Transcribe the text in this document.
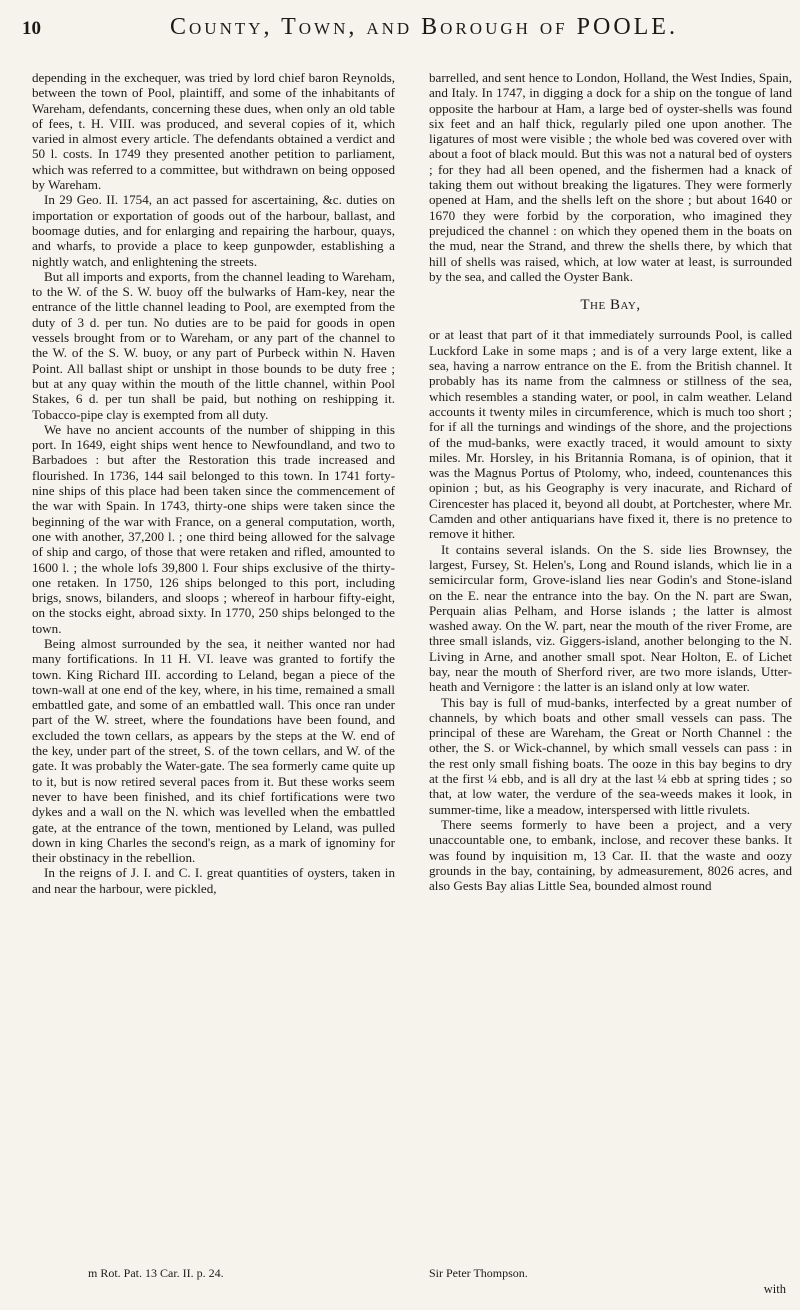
10	County, Town, and Borough of POOLE.

depending in the exchequer, was tried by lord chief baron Reynolds, between the town of Pool, plaintiff, and some of the inhabitants of Wareham, defendants, concerning these dues, when only an old table of fees, t. H. VIII. was produced, and several copies of it, which varied in almost every article. The defendants obtained a verdict and 50 l. costs. In 1749 they presented another petition to parliament, which was referred to a committee, but withdrawn on being opposed by Wareham.

In 29 Geo. II. 1754, an act passed for ascertaining, &c. duties on importation or exportation of goods out of the harbour, ballast, and boomage duties, and for enlarging and repairing the harbour, quays, and wharfs, to provide a place to keep gunpowder, establishing a nightly watch, and enlightening the streets.

But all imports and exports, from the channel leading to Wareham, to the W. of the S. W. buoy off the bulwarks of Ham-key, near the entrance of the little channel leading to Pool, are exempted from the duty of 3 d. per tun. No duties are to be paid for goods in open vessels brought from or to Wareham, or any part of the channel to the W. of the S. W. buoy, or any part of Purbeck within N. Haven Point. All ballast shipt or unshipt in those bounds to be duty free ; but at any quay within the mouth of the little channel, within Pool Stakes, 6 d. per tun shall be paid, but nothing on reshipping it. Tobacco-pipe clay is exempted from all duty.

We have no ancient accounts of the number of shipping in this port. In 1649, eight ships went hence to Newfoundland, and two to Barbadoes : but after the Restoration this trade increased and flourished. In 1736, 144 sail belonged to this town. In 1741 forty-nine ships of this place had been taken since the commencement of the war with Spain. In 1743, thirty-one ships were taken since the beginning of the war with France, on a general computation, worth, one with another, 37,200 l. ; one third being allowed for the salvage of ship and cargo, of those that were retaken and rifled, amounted to 1600 l. ; the whole lofs 39,800 l. Four ships exclusive of the thirty-one retaken. In 1750, 126 ships belonged to this port, including brigs, snows, bilanders, and sloops ; whereof in harbour fifty-eight, on the stocks eight, abroad sixty. In 1770, 250 ships belonged to the town.

Being almost surrounded by the sea, it neither wanted nor had many fortifications. In 11 H. VI. leave was granted to fortify the town. King Richard III. according to Leland, began a piece of the town-wall at one end of the key, where, in his time, remained a small embattled gate, and some of an embattled wall. This once ran under part of the W. street, where the foundations have been found, and excluded the town cellars, as appears by the steps at the W. end of the key, under part of the street, S. of the town cellars, and W. of the gate. It was probably the Water-gate. The sea formerly came quite up to it, but is now retired several paces from it. But these works seem never to have been finished, and its chief fortifications were two dykes and a wall on the N. which was levelled when the embattled gate, at the entrance of the town, mentioned by Leland, was pulled down in king Charles the second's reign, as a mark of ignominy for their obstinacy in the rebellion.

In the reigns of J. I. and C. I. great quantities of oysters, taken in and near the harbour, were pickled,

barrelled, and sent hence to London, Holland, the West Indies, Spain, and Italy. In 1747, in digging a dock for a ship on the tongue of land opposite the harbour at Ham, a large bed of oyster-shells was found six feet and an half thick, regularly piled one upon another. The ligatures of most were visible ; the whole bed was covered over with about a foot of black mould. But this was not a natural bed of oysters ; for they had all been opened, and the fishermen had a knack of taking them out without breaking the ligatures. They were formerly opened at Ham, and the shells left on the shore ; but about 1640 or 1670 they were forbid by the corporation, who imagined they prejudiced the channel : on which they opened them in the boats on the mud, near the Strand, and threw the shells there, by which that hill of shells was raised, which, at low water at least, is surrounded by the sea, and called the Oyster Bank.

The Bay,

or at least that part of it that immediately surrounds Pool, is called Luckford Lake in some maps ; and is of a very large extent, like a sea, having a narrow entrance on the E. from the British channel. It probably has its name from the calmness or stillness of the sea, which resembles a standing water, or pool, in calm weather. Leland accounts it twenty miles in circumference, which is much too short ; for if all the turnings and windings of the shore, and the projections of the mud-banks, were exactly traced, it would amount to sixty miles. Mr. Horsley, in his Britannia Romana, is of opinion, that it was the Magnus Portus of Ptolomy, who, indeed, countenances this opinion ; but, as his Geography is very inacurate, and Richard of Cirencester has placed it, beyond all doubt, at Portchester, where Mr. Camden and other antiquarians have fixed it, there is no pretence to remove it hither.

It contains several islands. On the S. side lies Brownsey, the largest, Fursey, St. Helen's, Long and Round islands, which lie in a semicircular form, Grove-island lies near Godin's and Stone-island on the E. near the entrance into the bay. On the N. part are Swan, Perquain alias Pelham, and Horse islands ; the latter is almost washed away. On the W. part, near the mouth of the river Frome, are three small islands, viz. Giggers-island, another belonging to the N. Living in Arne, and another small spot. Near Holton, E. of Lichet bay, near the mouth of Sherford river, are two more islands, Utter-heath and Vernigore : the latter is an island only at low water.

This bay is full of mud-banks, interfected by a great number of channels, by which boats and other small vessels can pass. The principal of these are Wareham, the Great or North Channel : the other, the S. or Wick-channel, by which small vessels can pass : in the rest only small fishing boats. The ooze in this bay begins to dry at the first ¼ ebb, and is all dry at the last ¼ ebb at spring tides ; so that, at low water, the verdure of the sea-weeds makes it look, in summer-time, like a meadow, interspersed with little rivulets.

There seems formerly to have been a project, and a very unaccountable one, to embank, inclose, and recover these banks. It was found by inquisition m, 13 Car. II. that the waste and oozy grounds in the bay, containing, by admeasurement, 8026 acres, and also Gests Bay alias Little Sea, bounded almost round

m Rot. Pat. 13 Car. II. p. 24.	Sir Peter Thompson.
with
